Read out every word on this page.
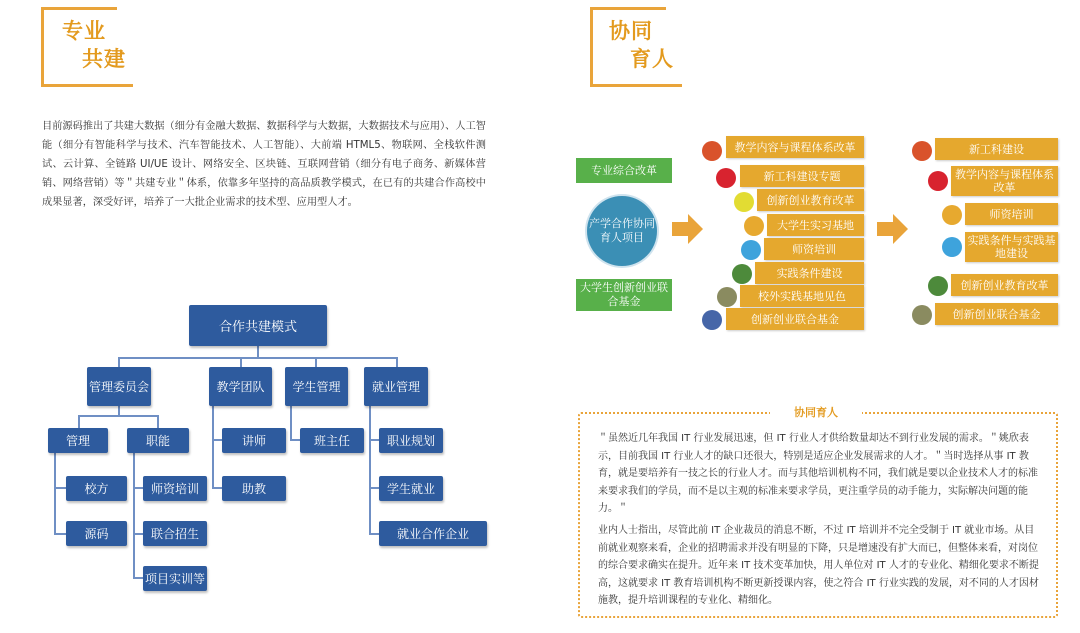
专业
共建
协同
育人
目前源码推出了共建大数据（细分有金融大数据、数据科学与大数据，大数据技术与应用）、人工智能（细分有智能科学与技术、汽车智能技术、人工智能）、大前端 HTML5、物联网、全栈软件测试、云计算、全链路 UI/UE 设计、网络安全、区块链、互联网营销（细分有电子商务、新媒体营销、网络营销）等＂共建专业＂体系，依靠多年坚持的高品质教学模式，在已有的共建合作高校中成果显著，深受好评，培养了一大批企业需求的技术型、应用型人才。
合作共建模式
管理委员会	教学团队	学生管理	就业管理
管理	职能
校方
源码
师资培训
联合招生
项目实训等
讲师
助教
班主任	职业规划
学生就业
就业合作企业
专业综合改革
产学合作协同育人项目
大学生创新创业联合基金
教学内容与课程体系改革
新工科建设专题
创新创业教育改革
大学生实习基地
师资培训
实践条件建设
校外实践基地见色
创新创业联合基金
新工科建设
教学内容与课程体系改革
师资培训
实践条件与实践基地建设
创新创业教育改革
创新创业联合基金
协同育人
＂虽然近几年我国 IT 行业发展迅速，但 IT 行业人才供给数量却达不到行业发展的需求。＂姚欣表示，目前我国 IT 行业人才的缺口还很大，特别是适应企业发展需求的人才。＂当时选择从事 IT 教育，就是要培养有一技之长的行业人才。而与其他培训机构不同，我们就是要以企业技术人才的标准来要求我们的学员，而不是以主观的标准来要求学员，更注重学员的动手能力，实际解决问题的能力。＂
业内人士指出，尽管此前 IT 企业裁员的消息不断，不过 IT 培训并不完全受制于 IT 就业市场。从目前就业观察来看，企业的招聘需求并没有明显的下降，只是增速没有扩大而已，但整体来看，对岗位的综合要求确实在提升。近年来 IT 技术变革加快，用人单位对 IT 人才的专业化、精细化要求不断提高，这就要求 IT 教育培训机构不断更新授课内容，使之符合 IT 行业实践的发展，对不同的人才因材施教，提升培训课程的专业化、精细化。
